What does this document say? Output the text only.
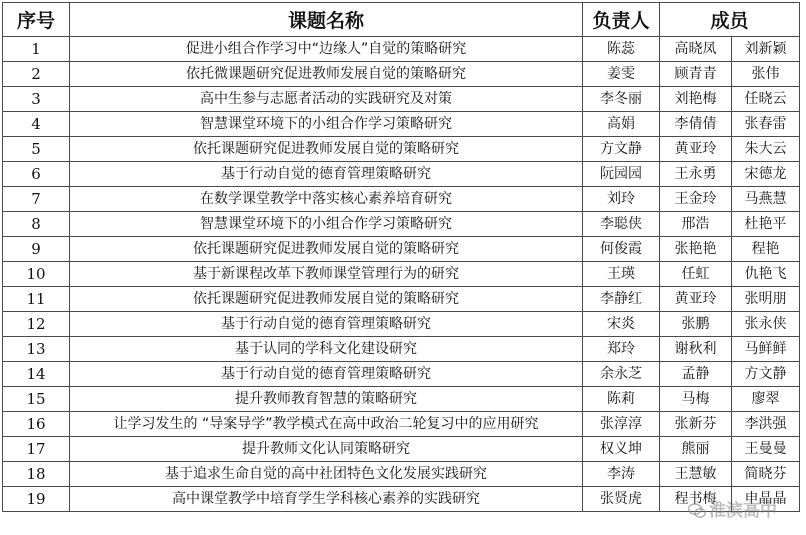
序号	课题名称	负责人	成员	
1	促进小组合作学习中“边缘人”自觉的策略研究	陈蕊	高晓凤	刘新颖
2	依托微课题研究促进教师发展自觉的策略研究	姜雯	顾青青	张伟
3	高中生参与志愿者活动的实践研究及对策	李冬丽	刘艳梅	任晓云
4	智慧课堂环境下的小组合作学习策略研究	高娟	李倩倩	张春雷
5	依托课题研究促进教师发展自觉的策略研究	方文静	黄亚玲	朱大云
6	基于行动自觉的德育管理策略研究	阮园园	王永勇	宋德龙
7	在数学课堂教学中落实核心素养培育研究	刘玲	王金玲	马燕慧
8	智慧课堂环境下的小组合作学习策略研究	李聪侠	邢浩	杜艳平
9	依托课题研究促进教师发展自觉的策略研究	何俊霞	张艳艳	程艳
10	基于新课程改革下教师课堂管理行为的研究	王瑛	任虹	仇艳飞
11	依托课题研究促进教师发展自觉的策略研究	李静红	黄亚玲	张明朋
12	基于行动自觉的德育管理策略研究	宋炎	张鹏	张永侠
13	基于认同的学科文化建设研究	郑玲	谢秋利	马鲜鲜
14	基于行动自觉的德育管理策略研究	余永芝	孟静	方文静
15	提升教师教育智慧的策略研究	陈莉	马梅	廖翠
16	让学习发生的 “导案导学”教学模式在高中政治二轮复习中的应用研究	张淳淳	张新芬	李洪强
17	提升教师文化认同策略研究	权义坤	熊丽	王曼曼
18	基于追求生命自觉的高中社团特色文化发展实践研究	李涛	王慧敏	简晓芬
19	高中课堂教学中培育学生学科核心素养的实践研究	张贤虎	程书梅	申晶晶
淮滨高中
